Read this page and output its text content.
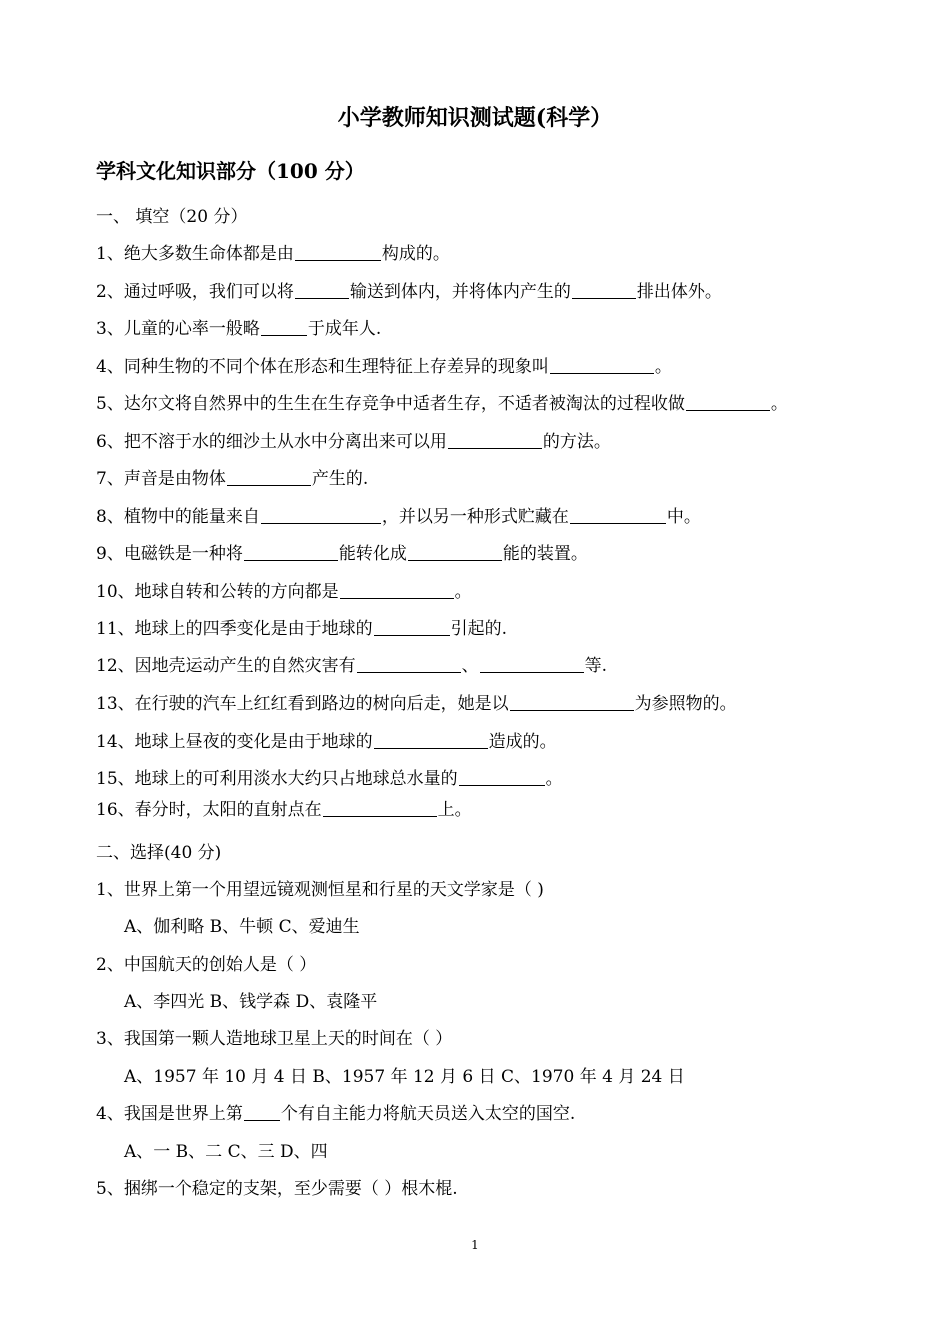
小学教师知识测试题(科学）
学科文化知识部分（100 分）
一、 填空（20 分）
1、绝大多数生命体都是由	构成的。
2、通过呼吸，我们可以将	输送到体内，并将体内产生的	排出体外。
3、儿童的心率一般略	于成年人.
4、同种生物的不同个体在形态和生理特征上存差异的现象叫	。
5、达尔文将自然界中的生生在生存竞争中适者生存，不适者被淘汰的过程收做	。
6、把不溶于水的细沙土从水中分离出来可以用	的方法。
7、声音是由物体	产生的.
8、植物中的能量来自	，并以另一种形式贮藏在	中。
9、电磁铁是一种将	能转化成	能的装置。
10、地球自转和公转的方向都是	。
11、地球上的四季变化是由于地球的	引起的.
12、因地壳运动产生的自然灾害有	、	等.
13、在行驶的汽车上红红看到路边的树向后走，她是以	为参照物的。
14、地球上昼夜的变化是由于地球的	造成的。
15、地球上的可利用淡水大约只占地球总水量的	。
16、春分时，太阳的直射点在	上。
二、选择(40 分)
1、世界上第一个用望远镜观测恒星和行星的天文学家是（ )
A、伽利略 B、牛顿 C、爱迪生
2、中国航天的创始人是（ ）
A、李四光 B、钱学森 D、袁隆平
3、我国第一颗人造地球卫星上天的时间在（ ）
A、1957 年 10 月 4 日 B、1957 年 12 月 6 日 C、1970 年 4 月 24 日
4、我国是世界上第 个有自主能力将航天员送入太空的国空.
A、一 B、二 C、三 D、四
5、捆绑一个稳定的支架，至少需要（ ）根木棍.
1
